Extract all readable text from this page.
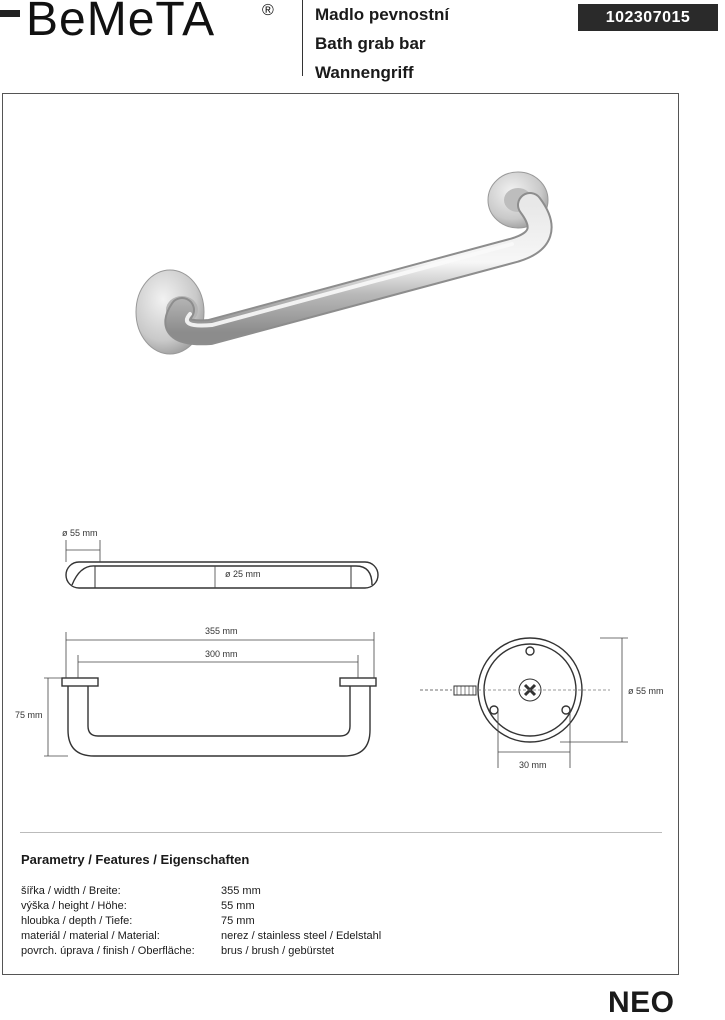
BeMeTA	® Madlo pevnostní
Bath grab bar
Wannengriff
102307015
ø 55 mm
ø 25 mm
355 mm
300 mm
75 mm
ø 55 mm
30 mm
Parametry / Features / Eigenschaften
šířka / width / Breite:	355 mm
výška / height / Höhe:	55 mm
hloubka / depth / Tiefe:	75 mm
materiál / material / Material:	nerez / stainless steel / Edelstahl
povrch. úprava / finish / Oberfläche:	brus / brush / gebürstet
NEO
